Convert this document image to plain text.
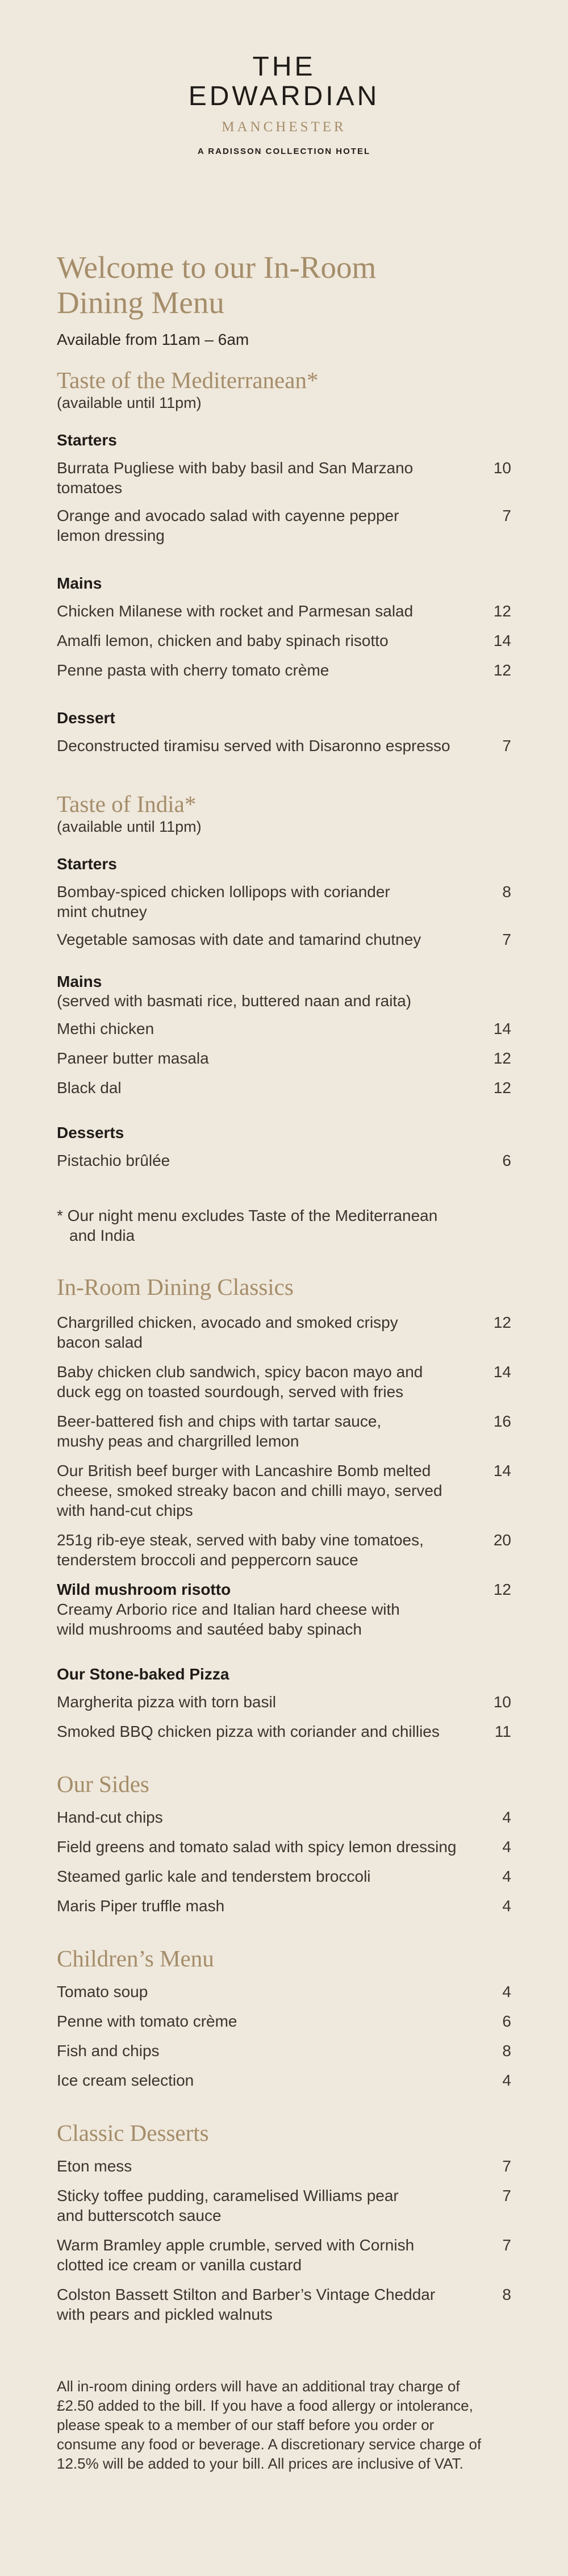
THE
EDWARDIAN
MANCHESTER
A RADISSON COLLECTION HOTEL
Welcome to our In-Room
Dining Menu
Available from 11am – 6am
Taste of the Mediterranean*
(available until 11pm)
Starters
Burrata Pugliese with baby basil and San Marzano
tomatoes
10
Orange and avocado salad with cayenne pepper
lemon dressing
7
Mains
Chicken Milanese with rocket and Parmesan salad	12
Amalfi lemon, chicken and baby spinach risotto	14
Penne pasta with cherry tomato crème	12
Dessert
Deconstructed tiramisu served with Disaronno espresso	7
Taste of India*
(available until 11pm)
Starters
Bombay-spiced chicken lollipops with coriander
mint chutney
8
Vegetable samosas with date and tamarind chutney	7
Mains
(served with basmati rice, buttered naan and raita)
Methi chicken	14
Paneer butter masala	12
Black dal	12
Desserts
Pistachio brûlée	6
* Our night menu excludes Taste of the Mediterranean
and India
In-Room Dining Classics
Chargrilled chicken, avocado and smoked crispy
bacon salad
12
Baby chicken club sandwich, spicy bacon mayo and
duck egg on toasted sourdough, served with fries
14
Beer-battered fish and chips with tartar sauce,
mushy peas and chargrilled lemon
16
Our British beef burger with Lancashire Bomb melted
cheese, smoked streaky bacon and chilli mayo, served
with hand-cut chips
14
251g rib-eye steak, served with baby vine tomatoes,
tenderstem broccoli and peppercorn sauce
20
Wild mushroom risotto
Creamy Arborio rice and Italian hard cheese with
wild mushrooms and sautéed baby spinach
12
Our Stone-baked Pizza
Margherita pizza with torn basil	10
Smoked BBQ chicken pizza with coriander and chillies	11
Our Sides
Hand-cut chips	4
Field greens and tomato salad with spicy lemon dressing	4
Steamed garlic kale and tenderstem broccoli	4
Maris Piper truffle mash	4
Children’s Menu
Tomato soup	4
Penne with tomato crème	6
Fish and chips	8
Ice cream selection	4
Classic Desserts
Eton mess	7
Sticky toffee pudding, caramelised Williams pear
and butterscotch sauce
7
Warm Bramley apple crumble, served with Cornish
clotted ice cream or vanilla custard
7
Colston Bassett Stilton and Barber’s Vintage Cheddar
with pears and pickled walnuts
8
All in-room dining orders will have an additional tray charge of
£2.50 added to the bill. If you have a food allergy or intolerance,
please speak to a member of our staff before you order or
consume any food or beverage. A discretionary service charge of
12.5% will be added to your bill. All prices are inclusive of VAT.
